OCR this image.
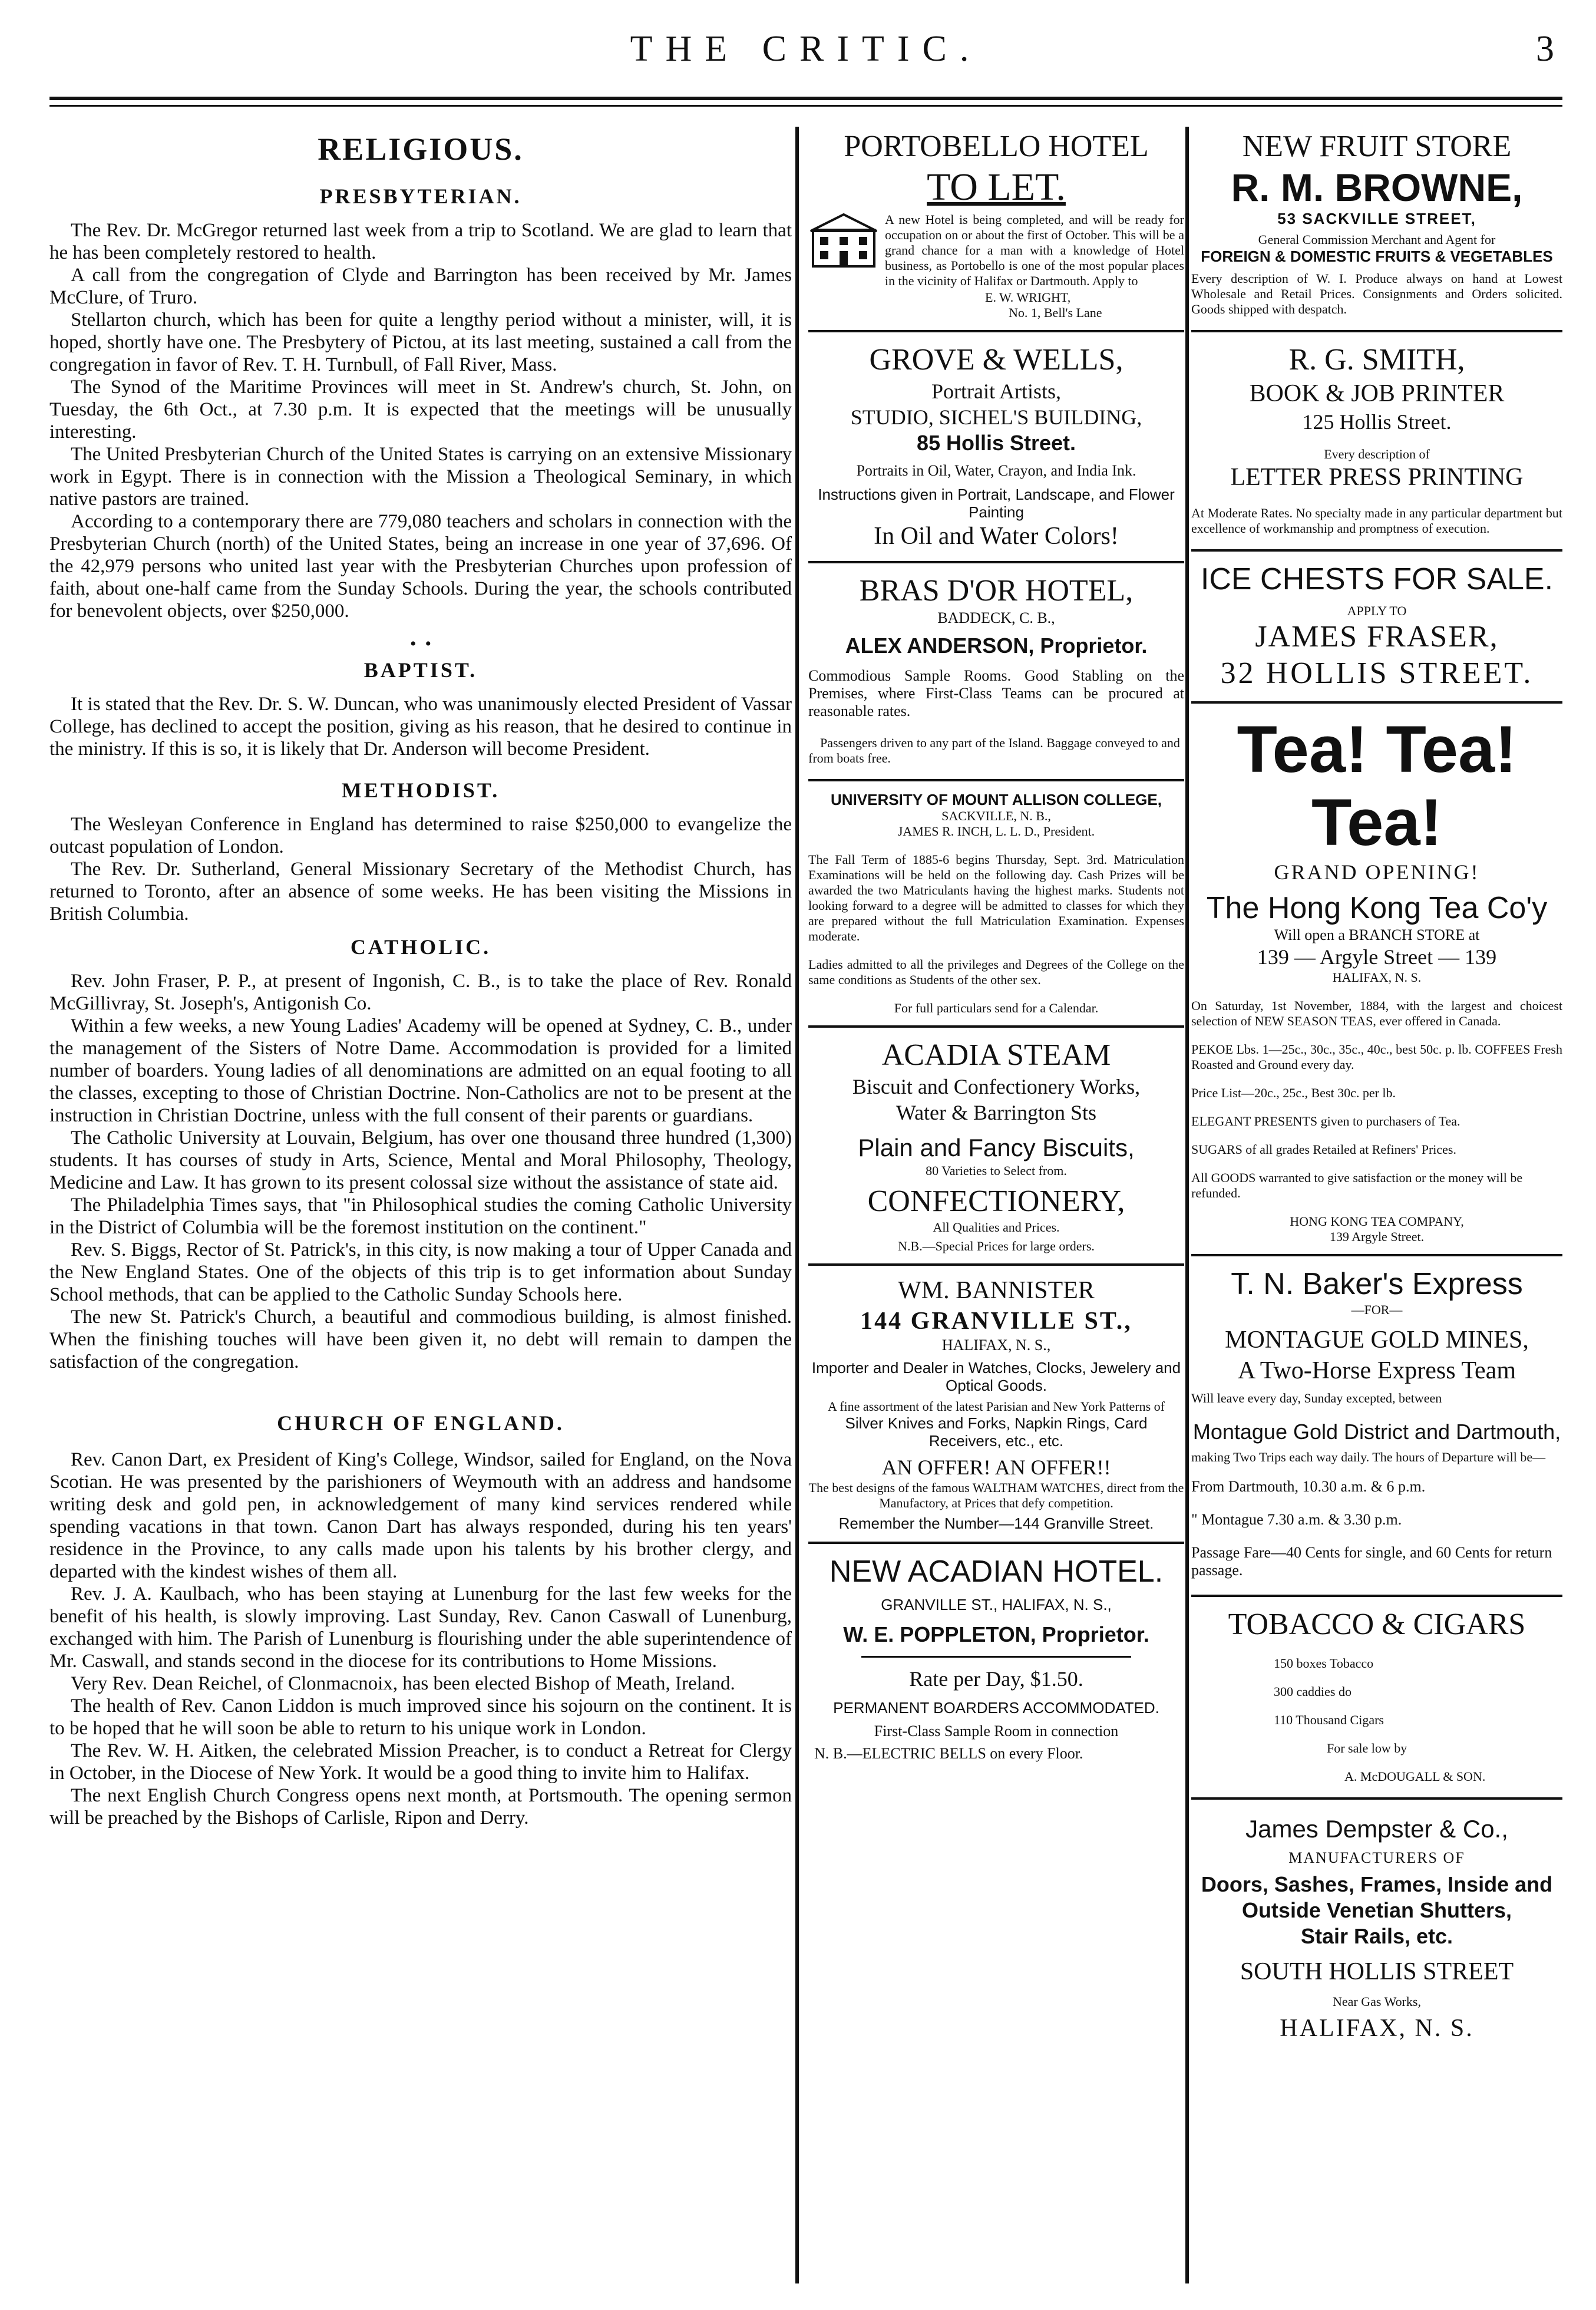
THE CRITIC.	3
RELIGIOUS.
PRESBYTERIAN.

The Rev. Dr. McGregor returned last week from a trip to Scotland. We are glad to learn that he has been completely restored to health.

A call from the congregation of Clyde and Barrington has been received by Mr. James McClure, of Truro.

Stellarton church, which has been for quite a lengthy period without a minister, will, it is hoped, shortly have one. The Presbytery of Pictou, at its last meeting, sustained a call from the congregation in favor of Rev. T. H. Turnbull, of Fall River, Mass.

The Synod of the Maritime Provinces will meet in St. Andrew's church, St. John, on Tuesday, the 6th Oct., at 7.30 p.m. It is expected that the meetings will be unusually interesting.

The United Presbyterian Church of the United States is carrying on an extensive Missionary work in Egypt. There is in connection with the Mission a Theological Seminary, in which native pastors are trained.

According to a contemporary there are 779,080 teachers and scholars in connection with the Presbyterian Church (north) of the United States, being an increase in one year of 37,696. Of the 42,979 persons who united last year with the Presbyterian Churches upon profession of faith, about one-half came from the Sunday Schools. During the year, the schools contributed for benevolent objects, over $250,000.

•  •
BAPTIST.

It is stated that the Rev. Dr. S. W. Duncan, who was unanimously elected President of Vassar College, has declined to accept the position, giving as his reason, that he desired to continue in the ministry. If this is so, it is likely that Dr. Anderson will become President.

METHODIST.

The Wesleyan Conference in England has determined to raise $250,000 to evangelize the outcast population of London.

The Rev. Dr. Sutherland, General Missionary Secretary of the Methodist Church, has returned to Toronto, after an absence of some weeks. He has been visiting the Missions in British Columbia.

CATHOLIC.

Rev. John Fraser, P. P., at present of Ingonish, C. B., is to take the place of Rev. Ronald McGillivray, St. Joseph's, Antigonish Co.

Within a few weeks, a new Young Ladies' Academy will be opened at Sydney, C. B., under the management of the Sisters of Notre Dame. Accommodation is provided for a limited number of boarders. Young ladies of all denominations are admitted on an equal footing to all the classes, excepting to those of Christian Doctrine. Non-Catholics are not to be present at the instruction in Christian Doctrine, unless with the full consent of their parents or guardians.

The Catholic University at Louvain, Belgium, has over one thousand three hundred (1,300) students. It has courses of study in Arts, Science, Mental and Moral Philosophy, Theology, Medicine and Law. It has grown to its present colossal size without the assistance of state aid.

The Philadelphia Times says, that "in Philosophical studies the coming Catholic University in the District of Columbia will be the foremost institution on the continent."

Rev. S. Biggs, Rector of St. Patrick's, in this city, is now making a tour of Upper Canada and the New England States. One of the objects of this trip is to get information about Sunday School methods, that can be applied to the Catholic Sunday Schools here.

The new St. Patrick's Church, a beautiful and commodious building, is almost finished. When the finishing touches will have been given it, no debt will remain to dampen the satisfaction of the congregation.

CHURCH OF ENGLAND.

Rev. Canon Dart, ex President of King's College, Windsor, sailed for England, on the Nova Scotian. He was presented by the parishioners of Weymouth with an address and handsome writing desk and gold pen, in acknowledgement of many kind services rendered while spending vacations in that town. Canon Dart has always responded, during his ten years' residence in the Province, to any calls made upon his talents by his brother clergy, and departed with the kindest wishes of them all.

Rev. J. A. Kaulbach, who has been staying at Lunenburg for the last few weeks for the benefit of his health, is slowly improving. Last Sunday, Rev. Canon Caswall of Lunenburg, exchanged with him. The Parish of Lunenburg is flourishing under the able superintendence of Mr. Caswall, and stands second in the diocese for its contributions to Home Missions.

Very Rev. Dean Reichel, of Clonmacnoix, has been elected Bishop of Meath, Ireland.

The health of Rev. Canon Liddon is much improved since his sojourn on the continent. It is to be hoped that he will soon be able to return to his unique work in London.

The Rev. W. H. Aitken, the celebrated Mission Preacher, is to conduct a Retreat for Clergy in October, in the Diocese of New York. It would be a good thing to invite him to Halifax.

The next English Church Congress opens next month, at Portsmouth. The opening sermon will be preached by the Bishops of Carlisle, Ripon and Derry.

PORTOBELLO HOTEL

TO LET.

A new Hotel is being completed, and will be ready for occupation on or about the first of October. This will be a grand chance for a man with a knowledge of Hotel business, as Portobello is one of the most popular places in the vicinity of Halifax or Dartmouth. Apply to

E. W. WRIGHT,

No. 1, Bell's Lane

GROVE & WELLS,

Portrait Artists,

STUDIO, SICHEL'S BUILDING,

85 Hollis Street.

Portraits in Oil, Water, Crayon, and India Ink.

Instructions given in Portrait, Landscape, and Flower Painting

In Oil and Water Colors!

BRAS D'OR HOTEL,

BADDECK, C. B.,

ALEX ANDERSON, Proprietor.

Commodious Sample Rooms. Good Stabling on the Premises, where First-Class Teams can be procured at reasonable rates.

Passengers driven to any part of the Island. Baggage conveyed to and from boats free.

UNIVERSITY OF MOUNT ALLISON COLLEGE,

SACKVILLE, N. B.,

JAMES R. INCH, L. L. D., President.

The Fall Term of 1885-6 begins Thursday, Sept. 3rd. Matriculation Examinations will be held on the following day. Cash Prizes will be awarded the two Matriculants having the highest marks. Students not looking forward to a degree will be admitted to classes for which they are prepared without the full Matriculation Examination. Expenses moderate.

Ladies admitted to all the privileges and Degrees of the College on the same conditions as Students of the other sex.

For full particulars send for a Calendar.

ACADIA STEAM

Biscuit and Confectionery Works,

Water & Barrington Sts

Plain and Fancy Biscuits,

80 Varieties to Select from.

CONFECTIONERY,

All Qualities and Prices.

N.B.—Special Prices for large orders.

WM. BANNISTER

144 GRANVILLE ST.,

HALIFAX, N. S.,

Importer and Dealer in Watches, Clocks, Jewelery and Optical Goods.

A fine assortment of the latest Parisian and New York Patterns of

Silver Knives and Forks, Napkin Rings, Card Receivers, etc., etc.

AN OFFER! AN OFFER!!

The best designs of the famous WALTHAM WATCHES, direct from the Manufactory, at Prices that defy competition.

Remember the Number—144 Granville Street.

NEW ACADIAN HOTEL.

GRANVILLE ST., HALIFAX, N. S.,

W. E. POPPLETON, Proprietor.

Rate per Day, $1.50.

PERMANENT BOARDERS ACCOMMODATED.

First-Class Sample Room in connection

N. B.—ELECTRIC BELLS on every Floor.

NEW FRUIT STORE

R. M. BROWNE,

53 SACKVILLE STREET,

General Commission Merchant and Agent for

FOREIGN & DOMESTIC FRUITS & VEGETABLES

Every description of W. I. Produce always on hand at Lowest Wholesale and Retail Prices. Consignments and Orders solicited. Goods shipped with despatch.

R. G. SMITH,

BOOK & JOB PRINTER

125 Hollis Street.

Every description of

LETTER PRESS PRINTING

At Moderate Rates. No specialty made in any particular department but excellence of workmanship and promptness of execution.

ICE CHESTS FOR SALE.

APPLY TO

JAMES FRASER,

32 HOLLIS STREET.

Tea! Tea! Tea!

GRAND OPENING!

The Hong Kong Tea Co'y

Will open a BRANCH STORE at

139 — Argyle Street — 139

HALIFAX, N. S.

On Saturday, 1st November, 1884, with the largest and choicest selection of NEW SEASON TEAS, ever offered in Canada.

PEKOE Lbs. 1—25c., 30c., 35c., 40c., best 50c. p. lb. COFFEES Fresh Roasted and Ground every day.

Price List—20c., 25c., Best 30c. per lb.

ELEGANT PRESENTS given to purchasers of Tea.

SUGARS of all grades Retailed at Refiners' Prices.

All GOODS warranted to give satisfaction or the money will be refunded.

HONG KONG TEA COMPANY,

139 Argyle Street.

T. N. Baker's Express

—FOR—

MONTAGUE GOLD MINES,

A Two-Horse Express Team

Will leave every day, Sunday excepted, between

Montague Gold District and Dartmouth,

making Two Trips each way daily. The hours of Departure will be—

From Dartmouth, 10.30 a.m. & 6 p.m.

" Montague 7.30 a.m. & 3.30 p.m.

Passage Fare—40 Cents for single, and 60 Cents for return passage.

TOBACCO & CIGARS

150 boxes Tobacco

300 caddies do

110 Thousand Cigars

For sale low by

A. McDOUGALL & SON.

James Dempster & Co.,

MANUFACTURERS OF

Doors, Sashes, Frames, Inside and

Outside Venetian Shutters,

Stair Rails, etc.

SOUTH HOLLIS STREET

Near Gas Works,

HALIFAX, N. S.
